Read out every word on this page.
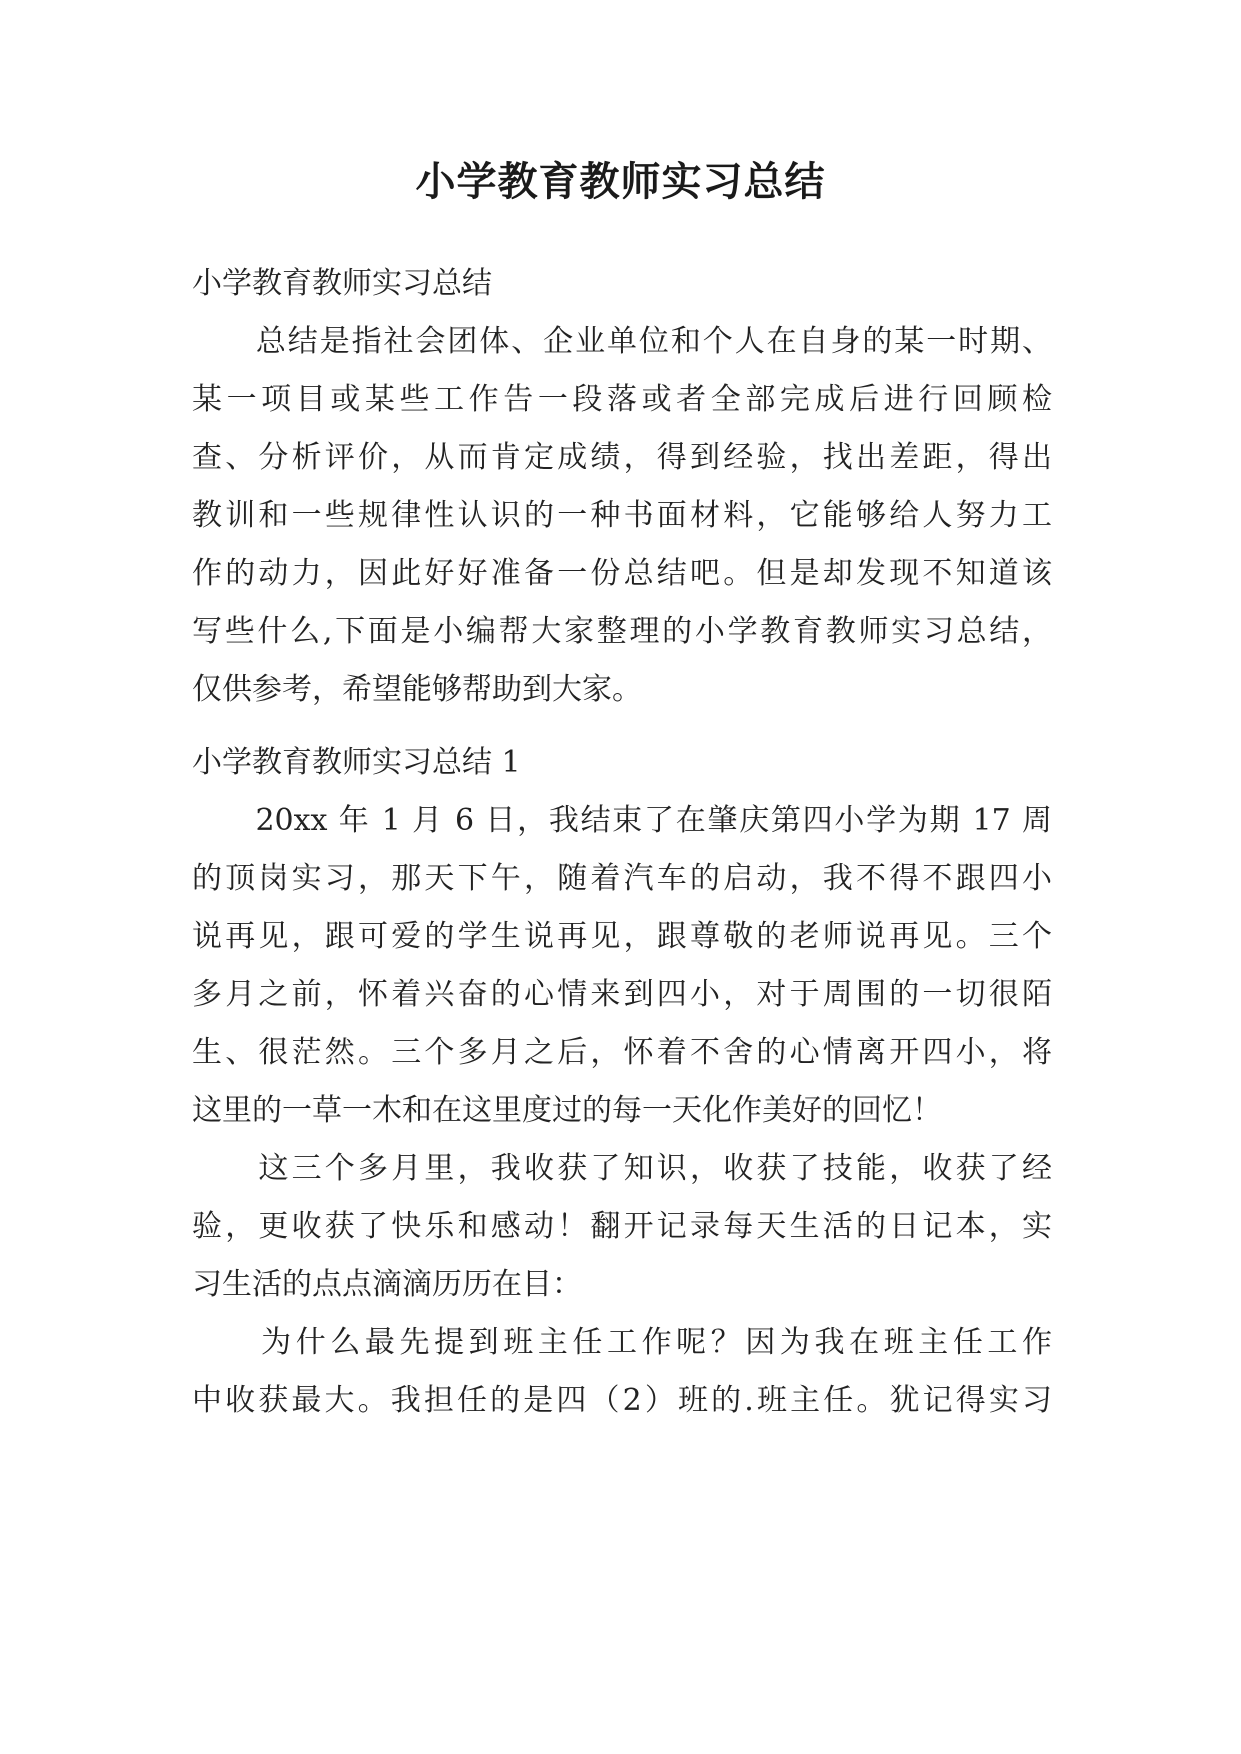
小学教育教师实习总结
小学教育教师实习总结
　　总结是指社会团体、企业单位和个人在自身的某一时期、
某一项目或某些工作告一段落或者全部完成后进行回顾检
查、分析评价，从而肯定成绩，得到经验，找出差距，得出
教训和一些规律性认识的一种书面材料，它能够给人努力工
作的动力，因此好好准备一份总结吧。但是却发现不知道该
写些什么,下面是小编帮大家整理的小学教育教师实习总结，
仅供参考，希望能够帮助到大家。
小学教育教师实习总结 1
　　20xx 年 1 月 6 日，我结束了在肇庆第四小学为期 17 周
的顶岗实习，那天下午，随着汽车的启动，我不得不跟四小
说再见，跟可爱的学生说再见，跟尊敬的老师说再见。三个
多月之前，怀着兴奋的心情来到四小，对于周围的一切很陌
生、很茫然。三个多月之后，怀着不舍的心情离开四小，将
这里的一草一木和在这里度过的每一天化作美好的回忆！
　　这三个多月里，我收获了知识，收获了技能，收获了经
验，更收获了快乐和感动！翻开记录每天生活的日记本，实
习生活的点点滴滴历历在目：
　　为什么最先提到班主任工作呢？因为我在班主任工作
中收获最大。我担任的是四（2）班的.班主任。犹记得实习
